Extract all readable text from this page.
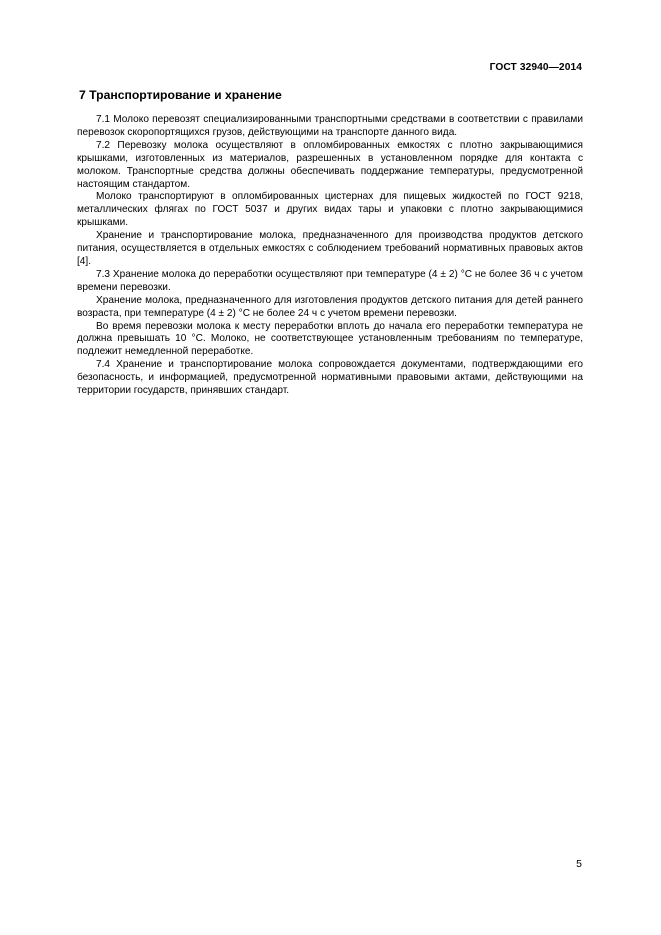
ГОСТ 32940—2014
7 Транспортирование и хранение

7.1 Молоко перевозят специализированными транспортными средствами в соответствии с правилами перевозок скоропортящихся грузов, действующими на транспорте данного вида.

7.2 Перевозку молока осуществляют в опломбированных емкостях с плотно закрывающимися крышками, изготовленных из материалов, разрешенных в установленном порядке для контакта с молоком. Транспортные средства должны обеспечивать поддержание температуры, предусмотренной настоящим стандартом.

Молоко транспортируют в опломбированных цистернах для пищевых жидкостей по ГОСТ 9218, металлических флягах по ГОСТ 5037 и других видах тары и упаковки с плотно закрывающимися крышками.

Хранение и транспортирование молока, предназначенного для производства продуктов детского питания, осуществляется в отдельных емкостях с соблюдением требований нормативных правовых актов [4].

7.3 Хранение молока до переработки осуществляют при температуре (4 ± 2) °С не более 36 ч с учетом времени перевозки.

Хранение молока, предназначенного для изготовления продуктов детского питания для детей раннего возраста, при температуре (4 ± 2) °С не более 24 ч с учетом времени перевозки.

Во время перевозки молока к месту переработки вплоть до начала его переработки температура не должна превышать 10 °С. Молоко, не соответствующее установленным требованиям по температуре, подлежит немедленной переработке.

7.4 Хранение и транспортирование молока сопровождается документами, подтверждающими его безопасность, и информацией, предусмотренной нормативными правовыми актами, действующими на территории государств, принявших стандарт.

5
